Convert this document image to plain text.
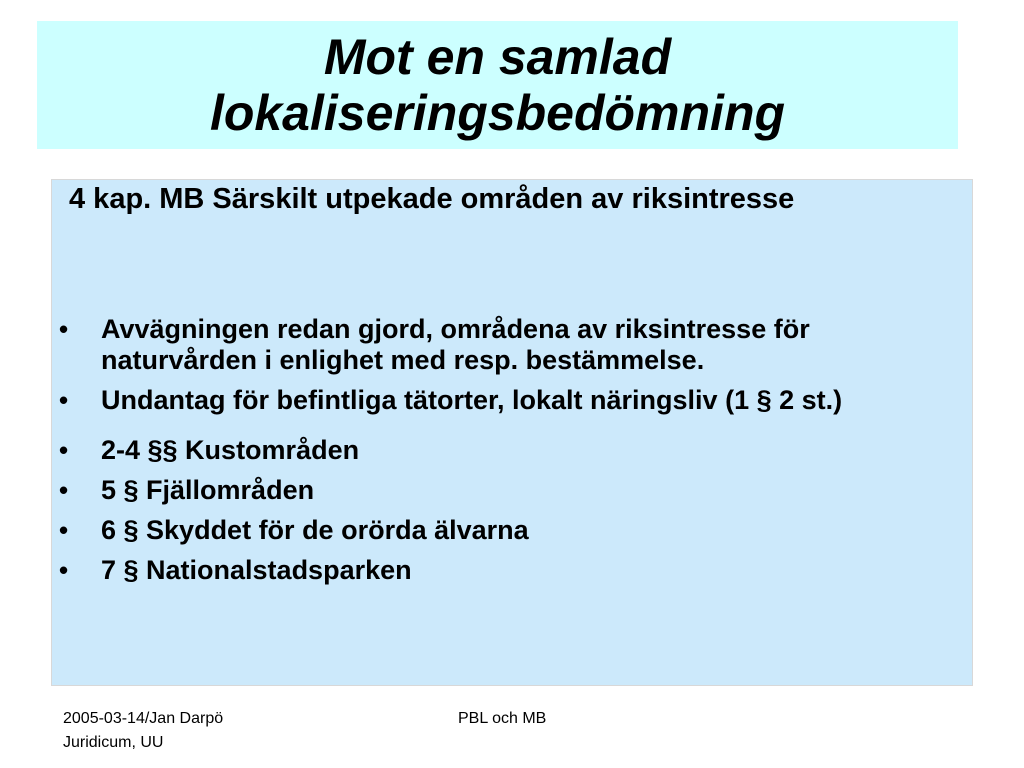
Mot en samlad
lokaliseringsbedömning
4 kap. MB Särskilt utpekade områden av riksintresse
•	Avvägningen redan gjord, områdena av riksintresse för naturvården i enlighet med resp. bestämmelse.
•	Undantag för befintliga tätorter, lokalt näringsliv (1 § 2 st.)
•	2-4 §§ Kustområden
•	5 § Fjällområden
•	6 § Skyddet för de orörda älvarna
•	7 § Nationalstadsparken
2005-03-14/Jan Darpö
Juridicum, UU
PBL och MB
